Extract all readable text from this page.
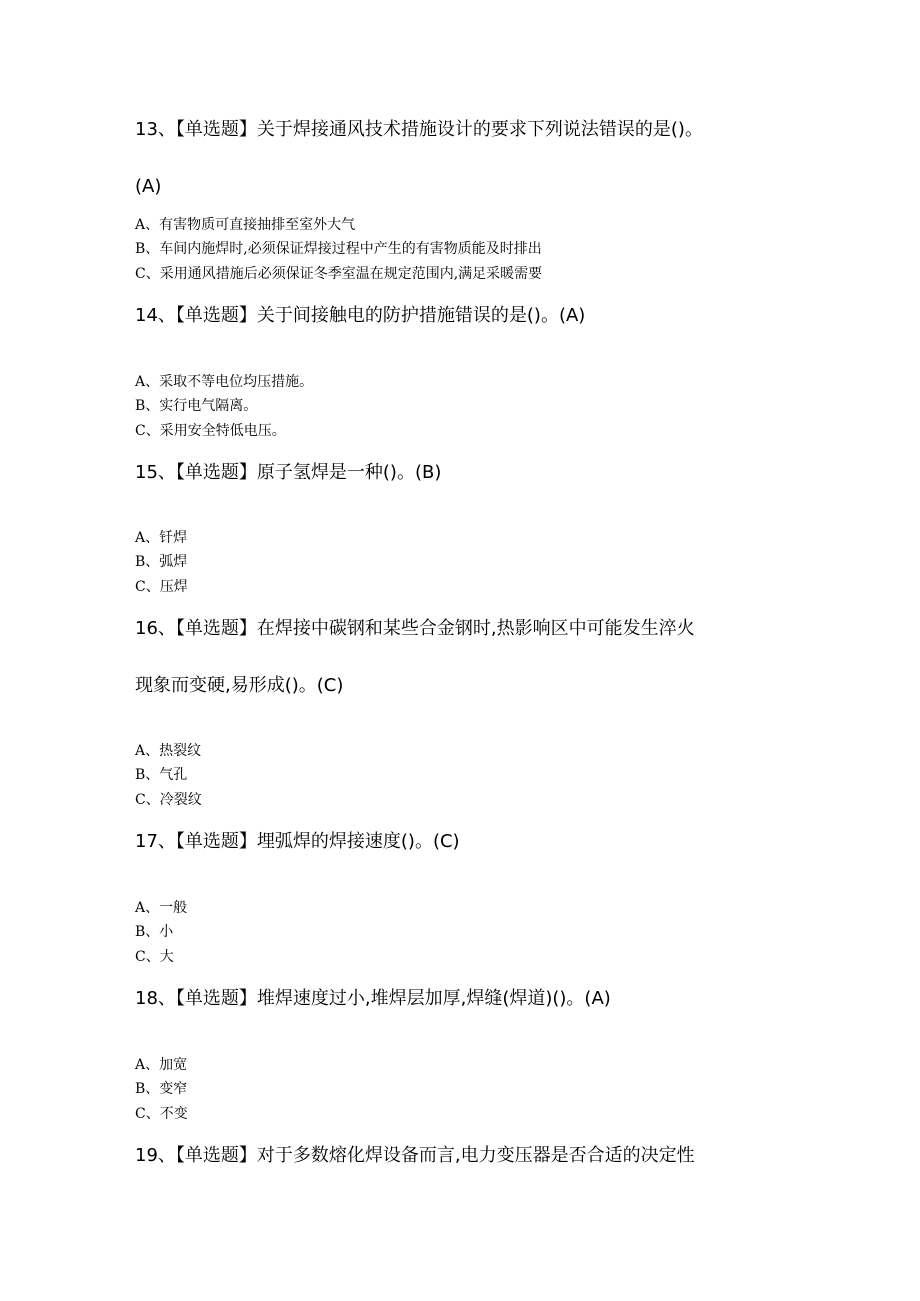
13、【单选题】关于焊接通风技术措施设计的要求下列说法错误的是()。
(A)
A、有害物质可直接抽排至室外大气
B、车间内施焊时,必须保证焊接过程中产生的有害物质能及时排出
C、采用通风措施后必须保证冬季室温在规定范围内,满足采暖需要
14、【单选题】关于间接触电的防护措施错误的是()。(A)
A、采取不等电位均压措施。
B、实行电气隔离。
C、采用安全特低电压。
15、【单选题】原子氢焊是一种()。(B)
A、钎焊
B、弧焊
C、压焊
16、【单选题】在焊接中碳钢和某些合金钢时,热影响区中可能发生淬火
现象而变硬,易形成()。(C)
A、热裂纹
B、气孔
C、冷裂纹
17、【单选题】埋弧焊的焊接速度()。(C)
A、一般
B、小
C、大
18、【单选题】堆焊速度过小,堆焊层加厚,焊缝(焊道)()。(A)
A、加宽
B、变窄
C、不变
19、【单选题】对于多数熔化焊设备而言,电力变压器是否合适的决定性
